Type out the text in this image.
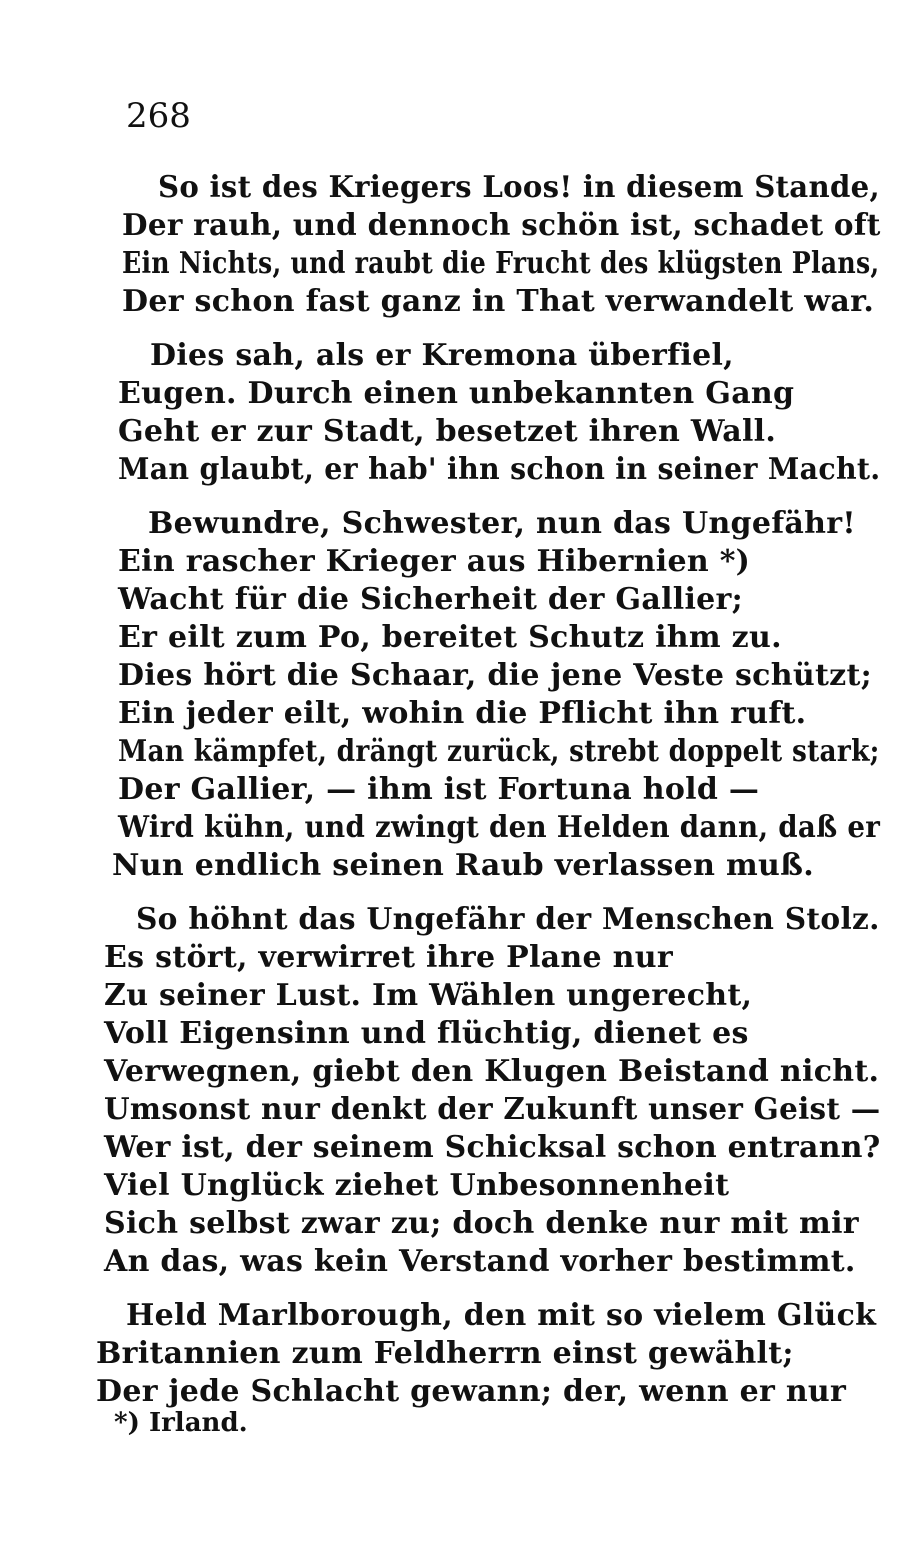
268
So ist des Kriegers Loos! in diesem Stande,
Der rauh, und dennoch schön ist, schadet oft
Ein Nichts, und raubt die Frucht des klügsten Plans,
Der schon fast ganz in That verwandelt war.
Dies sah, als er Kremona überfiel,
Eugen. Durch einen unbekannten Gang
Geht er zur Stadt, besetzet ihren Wall.
Man glaubt, er hab' ihn schon in seiner Macht.
Bewundre, Schwester, nun das Ungefähr!
Ein rascher Krieger aus Hibernien *)
Wacht für die Sicherheit der Gallier;
Er eilt zum Po, bereitet Schutz ihm zu.
Dies hört die Schaar, die jene Veste schützt;
Ein jeder eilt, wohin die Pflicht ihn ruft.
Man kämpfet, drängt zurück, strebt doppelt stark;
Der Gallier, — ihm ist Fortuna hold —
Wird kühn, und zwingt den Helden dann, daß er
Nun endlich seinen Raub verlassen muß.
So höhnt das Ungefähr der Menschen Stolz.
Es stört, verwirret ihre Plane nur
Zu seiner Lust. Im Wählen ungerecht,
Voll Eigensinn und flüchtig, dienet es
Verwegnen, giebt den Klugen Beistand nicht.
Umsonst nur denkt der Zukunft unser Geist —
Wer ist, der seinem Schicksal schon entrann?
Viel Unglück ziehet Unbesonnenheit
Sich selbst zwar zu; doch denke nur mit mir
An das, was kein Verstand vorher bestimmt.
Held Marlborough, den mit so vielem Glück
Britannien zum Feldherrn einst gewählt;
Der jede Schlacht gewann; der, wenn er nur
*) Irland.
